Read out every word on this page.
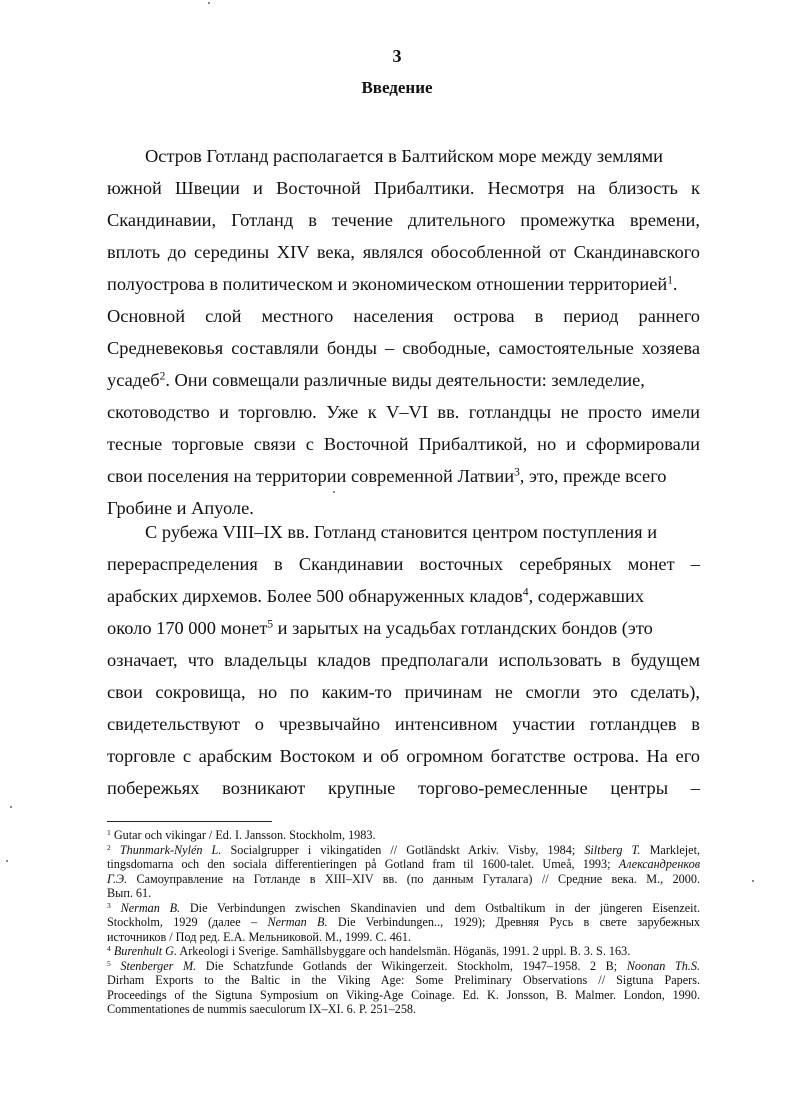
3
Введение
Остров Готланд располагается в Балтийском море между землями
южной Швеции и Восточной Прибалтики. Несмотря на близость к
Скандинавии, Готланд в течение длительного промежутка времени,
вплоть до середины XIV века, являлся обособленной от Скандинавского
полуострова в политическом и экономическом отношении территорией$^1$.
Основной слой местного населения острова в период раннего
Средневековья составляли бонды – свободные, самостоятельные хозяева
усадеб$^2$. Они совмещали различные виды деятельности: земледелие,
скотоводство и торговлю. Уже к V–VI вв. готландцы не просто имели
тесные торговые связи с Восточной Прибалтикой, но и сформировали
свои поселения на территории современной Латвии$^3$, это, прежде всего
Гробине и Апуоле.
С рубежа VIII–IX вв. Готланд становится центром поступления и
перераспределения в Скандинавии восточных серебряных монет –
арабских дирхемов. Более 500 обнаруженных кладов$^4$, содержавших
около 170 000 монет$^5$ и зарытых на усадьбах готландских бондов (это
означает, что владельцы кладов предполагали использовать в будущем
свои сокровища, но по каким-то причинам не смогли это сделать),
свидетельствуют о чрезвычайно интенсивном участии готландцев в
торговле с арабским Востоком и об огромном богатстве острова. На его
побережьях возникают крупные торгово-ремесленные центры –
$^1$ Gutar och vikingar / Ed. I. Jansson. Stockholm, 1983.
$^2$ Thunmark-Nylén L. Socialgrupper i vikingatiden // Gotländskt Arkiv. Visby, 1984; Siltberg T. Marklejet,
tingsdomarna och den sociala differentieringen på Gotland fram til 1600-talet. Umeå, 1993; Александренков
Г.Э. Самоуправление на Готланде в XIII–XIV вв. (по данным Гуталага) // Средние века. М., 2000.
Вып. 61.
$^3$ Nerman B. Die Verbindungen zwischen Skandinavien und dem Ostbaltikum in der jüngeren Eisenzeit.
Stockholm, 1929 (далее – Nerman B. Die Verbindungen.., 1929); Древняя Русь в свете зарубежных
источников / Под ред. Е.А. Мельниковой. М., 1999. С. 461.
$^4$ Burenhult G. Arkeologi i Sverige. Samhällsbyggare och handelsmän. Höganäs, 1991. 2 uppl. B. 3. S. 163.
$^5$ Stenberger M. Die Schatzfunde Gotlands der Wikingerzeit. Stockholm, 1947–1958. 2 B; Noonan Th.S.
Dirham Exports to the Baltic in the Viking Age: Some Preliminary Observations // Sigtuna Papers.
Proceedings of the Sigtuna Symposium on Viking-Age Coinage. Ed. K. Jonsson, B. Malmer. London, 1990.
Commentationes de nummis saeculorum IX–XI. 6. P. 251–258.
